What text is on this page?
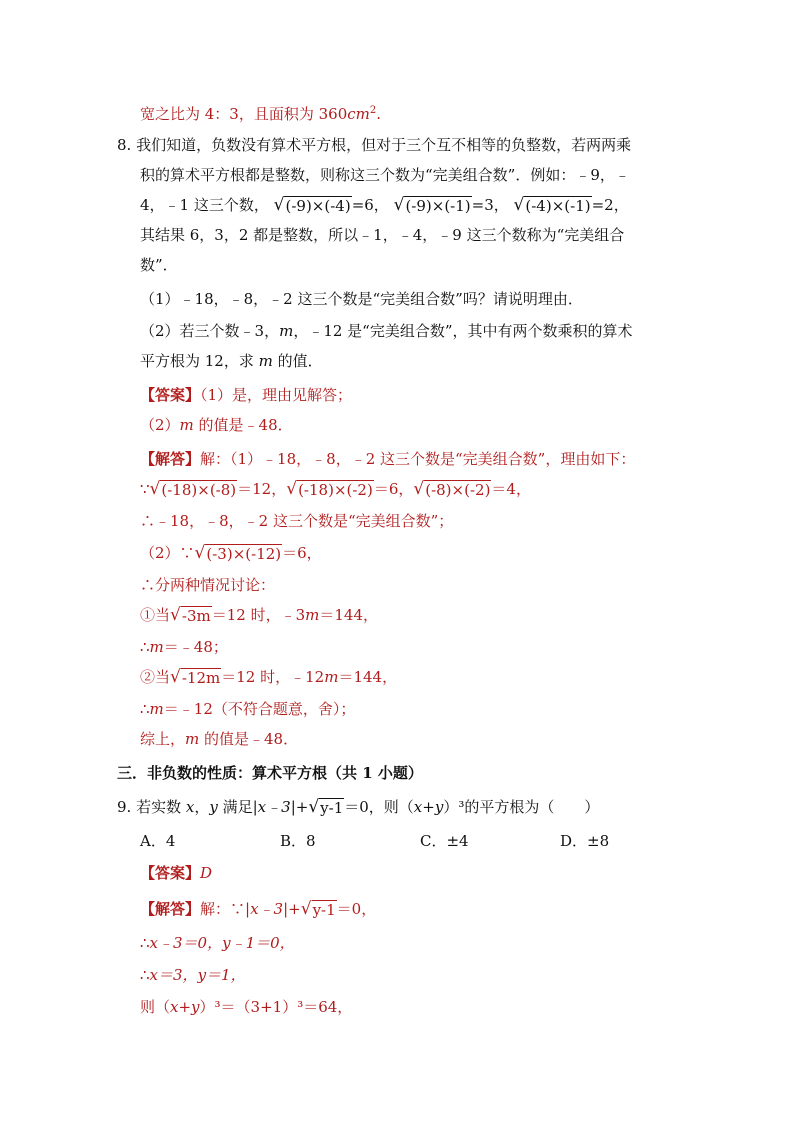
宽之比为 4：3，且面积为 $360cm^2$.
8. 我们知道，负数没有算术平方根，但对于三个互不相等的负整数，若两两乘
积的算术平方根都是整数，则称这三个数为“完美组合数”．例如：﹣9，﹣
4，﹣1 这三个数， √ (-9)×(-4) =6， √ (-9)×(-1) =3， √ (-4)×(-1) =2，
其结果 6，3，2 都是整数，所以﹣1，﹣4，﹣9 这三个数称为“完美组合
数”．
（1）﹣18，﹣8，﹣2 这三个数是“完美组合数”吗？请说明理由．
（2）若三个数﹣3，m，﹣12 是“完美组合数”，其中有两个数乘积的算术
平方根为 12，求 m 的值．
【答案】（1）是，理由见解答；
（2）m 的值是﹣48．
【解答】解：（1）﹣18，﹣8，﹣2 这三个数是“完美组合数”，理由如下：
∵ √ (-18)×(-8) ＝12， √ (-18)×(-2) ＝6， √ (-8)×(-2) ＝4，
∴﹣18，﹣8，﹣2 这三个数是“完美组合数”；
（2）∵ √ (-3)×(-12) ＝6，
∴分两种情况讨论：
①当 √ -3m ＝12 时，﹣3m＝144，
∴m＝﹣48；
②当 √ -12m ＝12 时，﹣12m＝144，
∴m＝﹣12（不符合题意，舍）；
综上，m 的值是﹣48．
三．非负数的性质：算术平方根（共 1 小题）
9. 若实数 x，y 满足|x﹣3|+ √ y-1 ＝0，则（x+y）³的平方根为（　　）
A．4	B．8	C．±4	D．±8
【答案】D
【解答】解：∵|x﹣3|+ √ y-1 ＝0，
∴x﹣3＝0，y﹣1＝0，
∴x＝3，y＝1，
则（x+y）³＝（3+1）³＝64，
